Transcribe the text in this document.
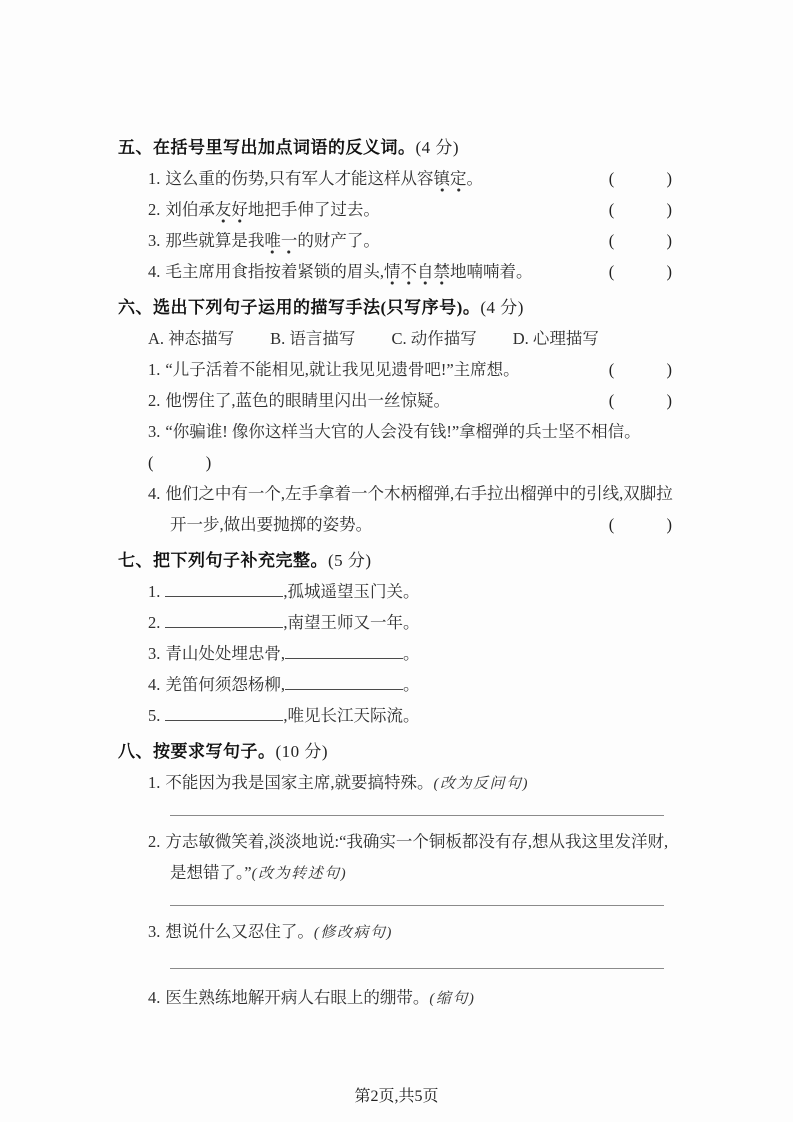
五、在括号里写出加点词语的反义词。(4 分)
1. 这么重的伤势,只有军人才能这样从容镇定。	(          )
2. 刘伯承友好地把手伸了过去。	(          )
3. 那些就算是我唯一的财产了。	(          )
4. 毛主席用食指按着紧锁的眉头,情不自禁地喃喃着。	(          )
六、选出下列句子运用的描写手法(只写序号)。(4 分)
A. 神态描写 B. 语言描写 C. 动作描写 D. 心理描写
1. “儿子活着不能相见,就让我见见遗骨吧!”主席想。	(          )
2. 他愣住了,蓝色的眼睛里闪出一丝惊疑。	(          )
3. “你骗谁! 像你这样当大官的人会没有钱!”拿榴弹的兵士坚不相信。
(          )
4. 他们之中有一个,左手拿着一个木柄榴弹,右手拉出榴弹中的引线,双脚拉
开一步,做出要抛掷的姿势。	(          )
七、把下列句子补充完整。(5 分)
1.	,孤城遥望玉门关。
2.	,南望王师又一年。
3. 青山处处埋忠骨,	。
4. 羌笛何须怨杨柳,	。
5.	,唯见长江天际流。
八、按要求写句子。(10 分)
1. 不能因为我是国家主席,就要搞特殊。(改为反问句)
2. 方志敏微笑着,淡淡地说:“我确实一个铜板都没有存,想从我这里发洋财,
是想错了。”(改为转述句)
3. 想说什么又忍住了。(修改病句)
4. 医生熟练地解开病人右眼上的绷带。(缩句)
第2页,共5页
